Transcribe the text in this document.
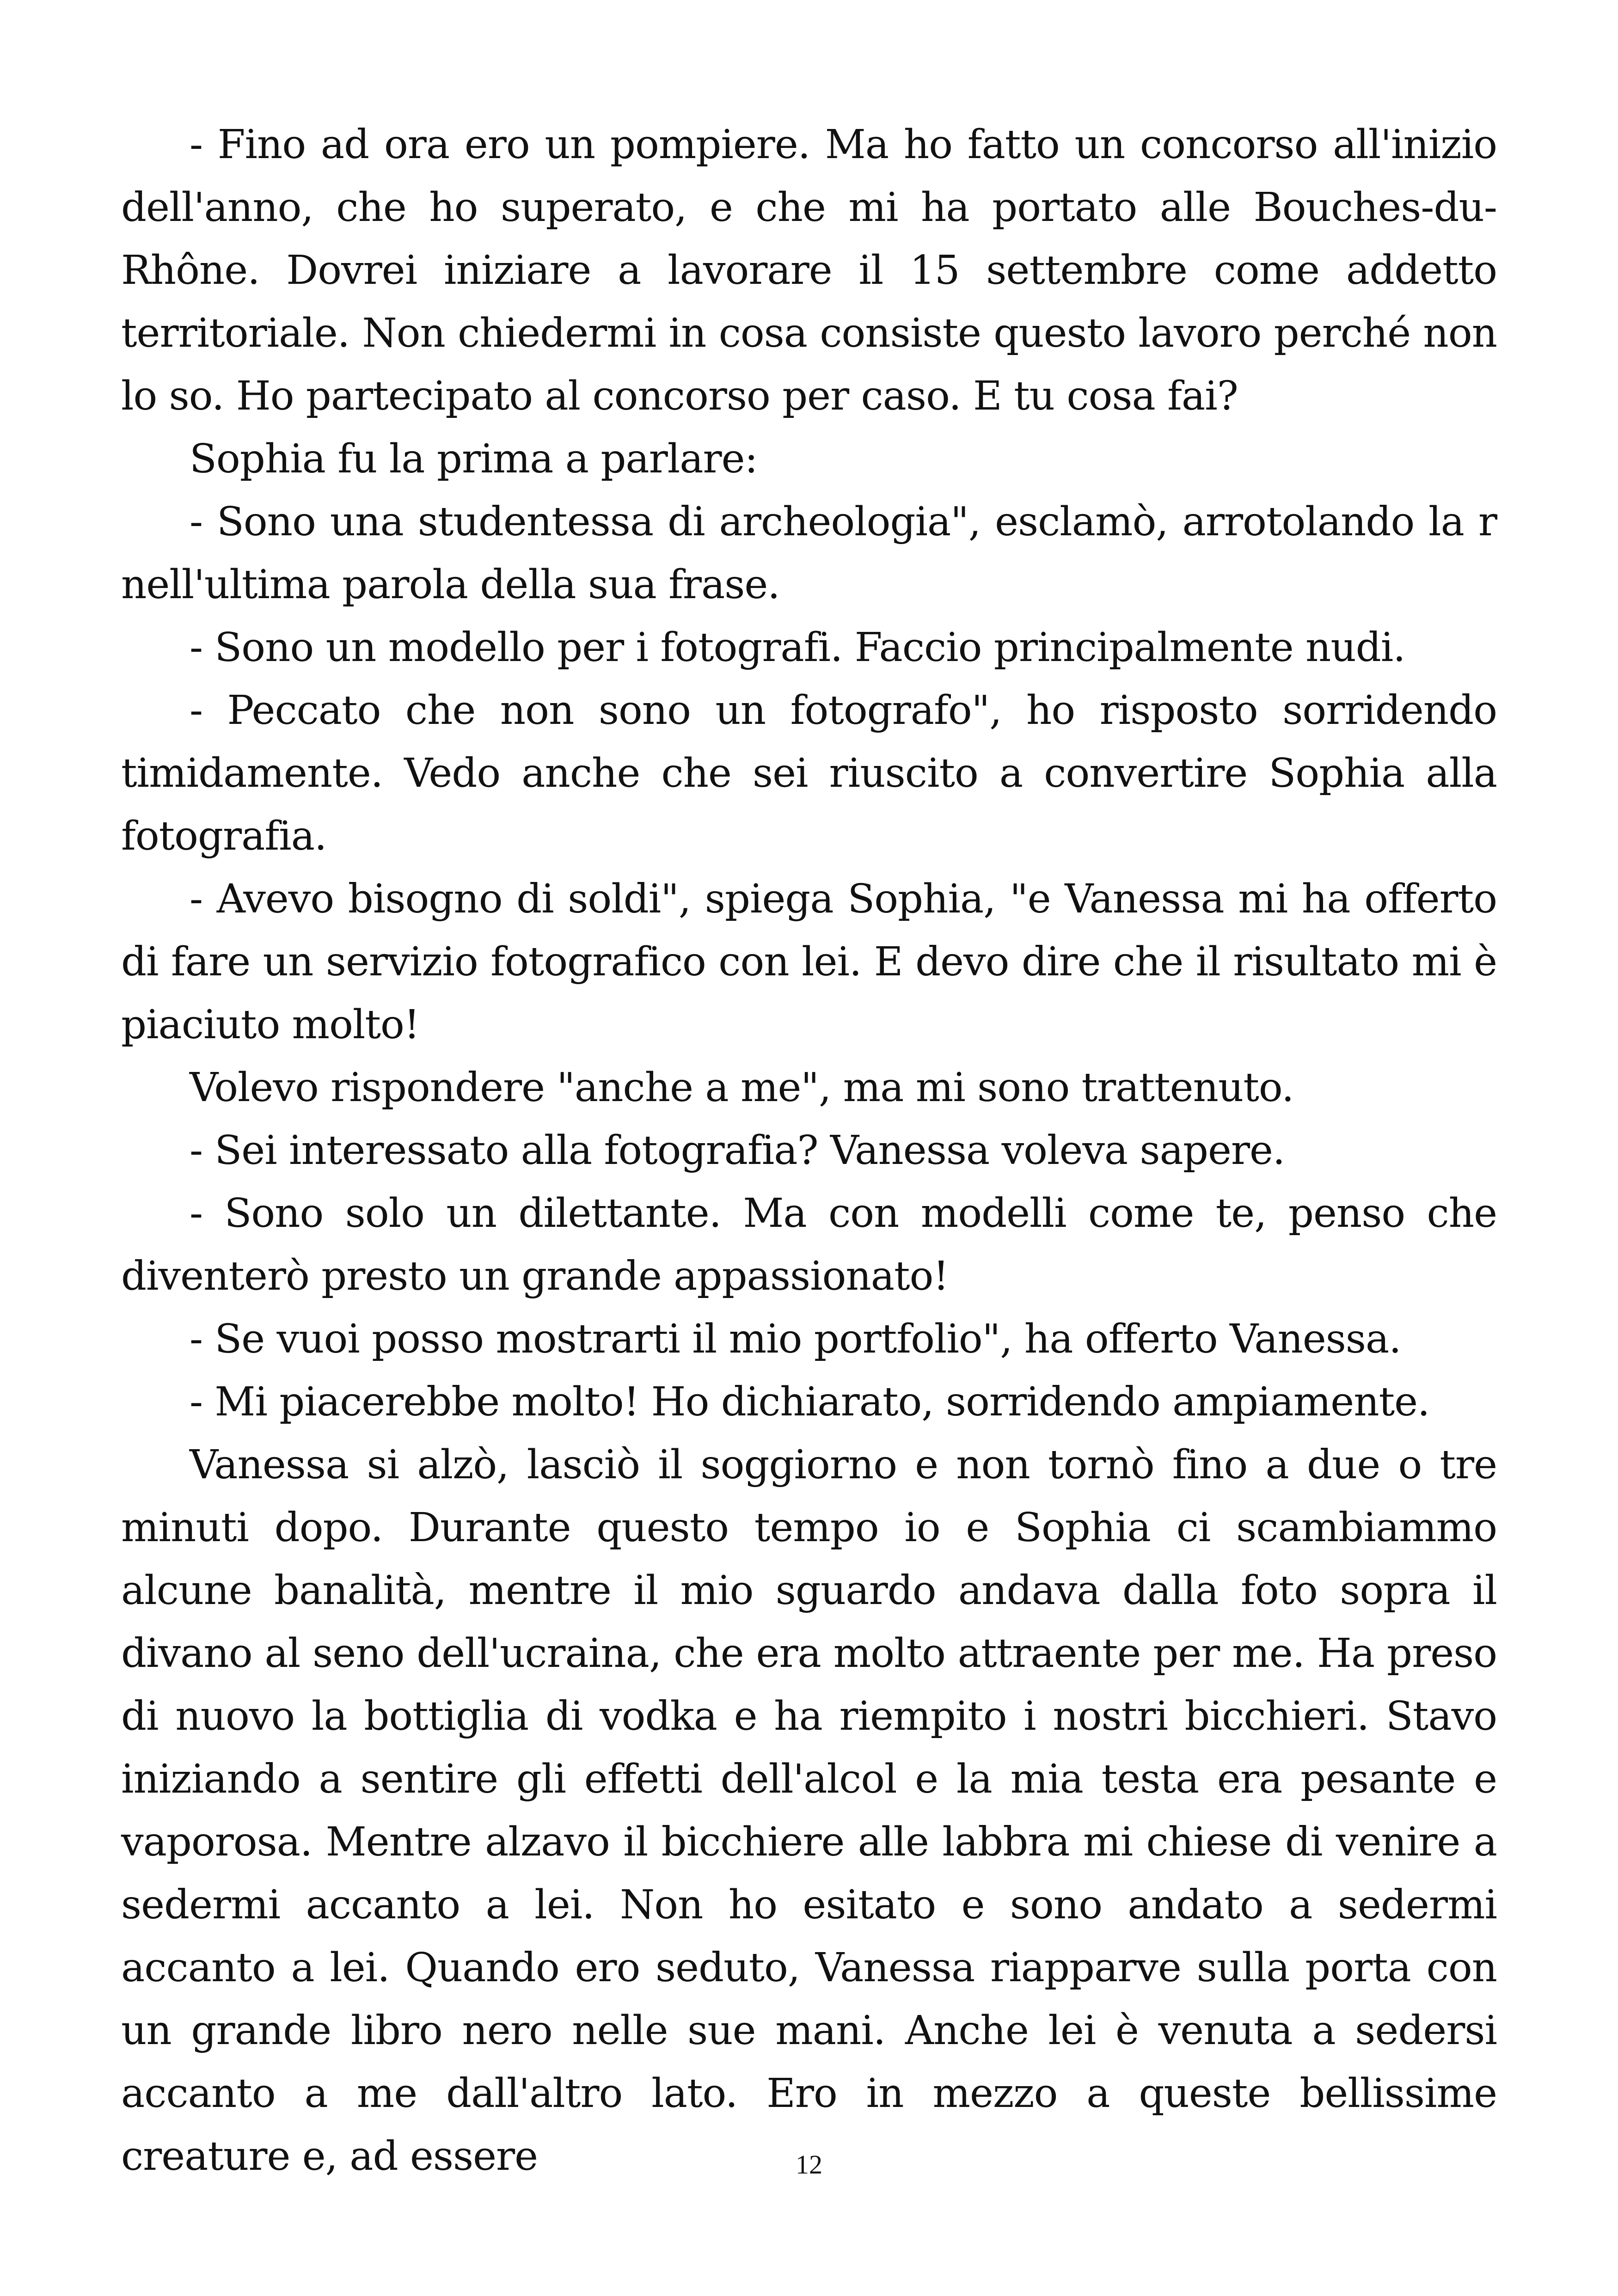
- Fino ad ora ero un pompiere. Ma ho fatto un concorso all'inizio dell'anno, che ho superato, e che mi ha portato alle Bouches-du-Rhône. Dovrei iniziare a lavorare il 15 settembre come addetto territoriale. Non chiedermi in cosa consiste questo lavoro perché non lo so. Ho partecipato al concorso per caso. E tu cosa fai?

Sophia fu la prima a parlare:

- Sono una studentessa di archeologia", esclamò, arrotolando la r nell'ultima parola della sua frase.

- Sono un modello per i fotografi. Faccio principalmente nudi.

- Peccato che non sono un fotografo", ho risposto sorridendo timidamente. Vedo anche che sei riuscito a convertire Sophia alla fotografia.

- Avevo bisogno di soldi", spiega Sophia, "e Vanessa mi ha offerto di fare un servizio fotografico con lei. E devo dire che il risultato mi è piaciuto molto!

Volevo rispondere "anche a me", ma mi sono trattenuto.

- Sei interessato alla fotografia? Vanessa voleva sapere.

- Sono solo un dilettante. Ma con modelli come te, penso che diventerò presto un grande appassionato!

- Se vuoi posso mostrarti il mio portfolio", ha offerto Vanessa.

- Mi piacerebbe molto! Ho dichiarato, sorridendo ampiamente.

Vanessa si alzò, lasciò il soggiorno e non tornò fino a due o tre minuti dopo. Durante questo tempo io e Sophia ci scambiammo alcune banalità, mentre il mio sguardo andava dalla foto sopra il divano al seno dell'ucraina, che era molto attraente per me. Ha preso di nuovo la bottiglia di vodka e ha riempito i nostri bicchieri. Stavo iniziando a sentire gli effetti dell'alcol e la mia testa era pesante e vaporosa. Mentre alzavo il bicchiere alle labbra mi chiese di venire a sedermi accanto a lei. Non ho esitato e sono andato a sedermi accanto a lei. Quando ero seduto, Vanessa riapparve sulla porta con un grande libro nero nelle sue mani. Anche lei è venuta a sedersi accanto a me dall'altro lato. Ero in mezzo a queste bellissime creature e, ad essere	12
